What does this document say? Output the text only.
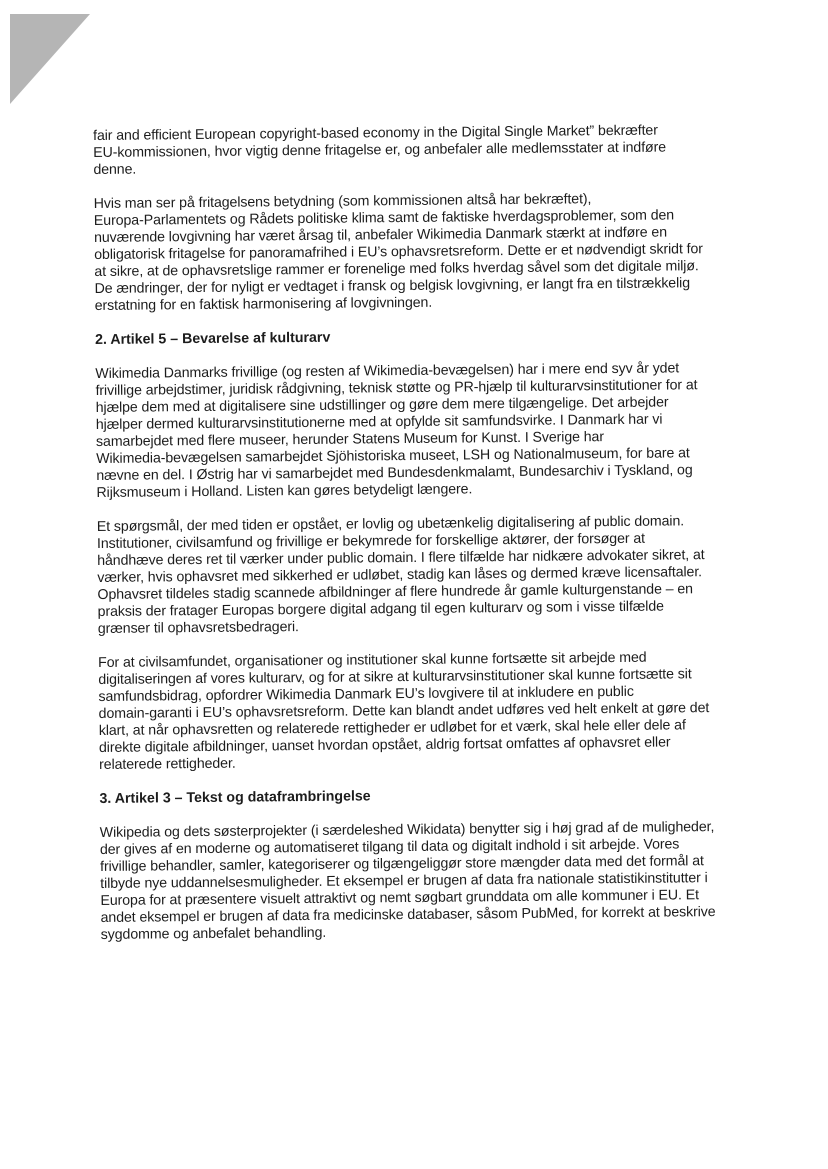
fair and efficient European copyright-based economy in the Digital Single Market” bekræfter
EU-kommissionen, hvor vigtig denne fritagelse er, og anbefaler alle medlemsstater at indføre
denne.
Hvis man ser på fritagelsens betydning (som kommissionen altså har bekræftet),
Europa-Parlamentets og Rådets politiske klima samt de faktiske hverdagsproblemer, som den
nuværende lovgivning har været årsag til, anbefaler Wikimedia Danmark stærkt at indføre en
obligatorisk fritagelse for panoramafrihed i EU’s ophavsretsreform. Dette er et nødvendigt skridt for
at sikre, at de ophavsretslige rammer er forenelige med folks hverdag såvel som det digitale miljø.
De ændringer, der for nyligt er vedtaget i fransk og belgisk lovgivning, er langt fra en tilstrækkelig
erstatning for en faktisk harmonisering af lovgivningen.
2. Artikel 5 – Bevarelse af kulturarv
Wikimedia Danmarks frivillige (og resten af Wikimedia-bevægelsen) har i mere end syv år ydet
frivillige arbejdstimer, juridisk rådgivning, teknisk støtte og PR-hjælp til kulturarvsinstitutioner for at
hjælpe dem med at digitalisere sine udstillinger og gøre dem mere tilgængelige. Det arbejder
hjælper dermed kulturarvsinstitutionerne med at opfylde sit samfundsvirke. I Danmark har vi
samarbejdet med flere museer, herunder Statens Museum for Kunst. I Sverige har
Wikimedia-bevægelsen samarbejdet Sjöhistoriska museet, LSH og Nationalmuseum, for bare at
nævne en del. I Østrig har vi samarbejdet med Bundesdenkmalamt, Bundesarchiv i Tyskland, og
Rijksmuseum i Holland. Listen kan gøres betydeligt længere.
Et spørgsmål, der med tiden er opstået, er lovlig og ubetænkelig digitalisering af public domain.
Institutioner, civilsamfund og frivillige er bekymrede for forskellige aktører, der forsøger at
håndhæve deres ret til værker under public domain. I flere tilfælde har nidkære advokater sikret, at
værker, hvis ophavsret med sikkerhed er udløbet, stadig kan låses og dermed kræve licensaftaler.
Ophavsret tildeles stadig scannede afbildninger af flere hundrede år gamle kulturgenstande – en
praksis der fratager Europas borgere digital adgang til egen kulturarv og som i visse tilfælde
grænser til ophavsretsbedrageri.
For at civilsamfundet, organisationer og institutioner skal kunne fortsætte sit arbejde med
digitaliseringen af vores kulturarv, og for at sikre at kulturarvsinstitutioner skal kunne fortsætte sit
samfundsbidrag, opfordrer Wikimedia Danmark EU’s lovgivere til at inkludere en public
domain-garanti i EU’s ophavsretsreform. Dette kan blandt andet udføres ved helt enkelt at gøre det
klart, at når ophavsretten og relaterede rettigheder er udløbet for et værk, skal hele eller dele af
direkte digitale afbildninger, uanset hvordan opstået, aldrig fortsat omfattes af ophavsret eller
relaterede rettigheder.
3. Artikel 3 – Tekst og dataframbringelse
Wikipedia og dets søsterprojekter (i særdeleshed Wikidata) benytter sig i høj grad af de muligheder,
der gives af en moderne og automatiseret tilgang til data og digitalt indhold i sit arbejde. Vores
frivillige behandler, samler, kategoriserer og tilgængeliggør store mængder data med det formål at
tilbyde nye uddannelsesmuligheder. Et eksempel er brugen af data fra nationale statistikinstitutter i
Europa for at præsentere visuelt attraktivt og nemt søgbart grunddata om alle kommuner i EU. Et
andet eksempel er brugen af data fra medicinske databaser, såsom PubMed, for korrekt at beskrive
sygdomme og anbefalet behandling.
